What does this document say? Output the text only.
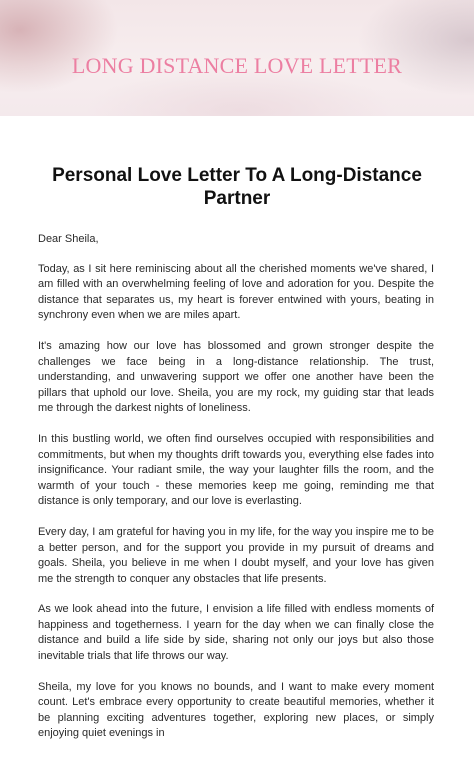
LONG DISTANCE LOVE LETTER
Personal Love Letter To A Long-Distance Partner

Dear Sheila,

Today, as I sit here reminiscing about all the cherished moments we've shared, I am filled with an overwhelming feeling of love and adoration for you. Despite the distance that separates us, my heart is forever entwined with yours, beating in synchrony even when we are miles apart.

It's amazing how our love has blossomed and grown stronger despite the challenges we face being in a long-distance relationship. The trust, understanding, and unwavering support we offer one another have been the pillars that uphold our love. Sheila, you are my rock, my guiding star that leads me through the darkest nights of loneliness.

In this bustling world, we often find ourselves occupied with responsibilities and commitments, but when my thoughts drift towards you, everything else fades into insignificance. Your radiant smile, the way your laughter fills the room, and the warmth of your touch - these memories keep me going, reminding me that distance is only temporary, and our love is everlasting.

Every day, I am grateful for having you in my life, for the way you inspire me to be a better person, and for the support you provide in my pursuit of dreams and goals. Sheila, you believe in me when I doubt myself, and your love has given me the strength to conquer any obstacles that life presents.

As we look ahead into the future, I envision a life filled with endless moments of happiness and togetherness. I yearn for the day when we can finally close the distance and build a life side by side, sharing not only our joys but also those inevitable trials that life throws our way.

Sheila, my love for you knows no bounds, and I want to make every moment count. Let's embrace every opportunity to create beautiful memories, whether it be planning exciting adventures together, exploring new places, or simply enjoying quiet evenings in
